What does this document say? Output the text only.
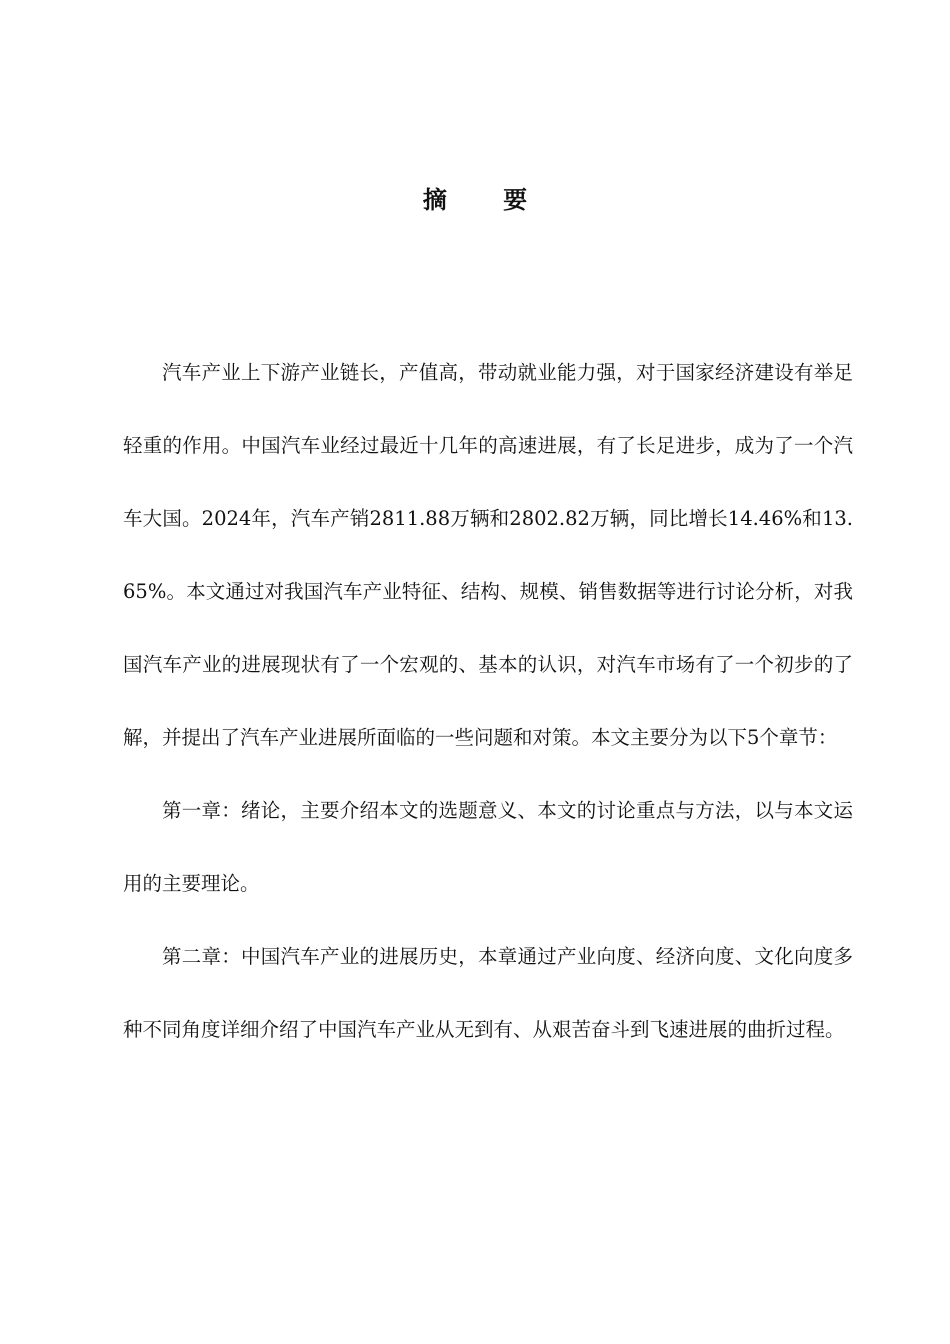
摘 要

汽车产业上下游产业链长，产值高，带动就业能力强，对于国家经济建设有举足轻重的作用。中国汽车业经过最近十几年的高速进展，有了长足进步，成为了一个汽车大国。2024年，汽车产销2811.88万辆和2802.82万辆，同比增长14.46%和13.65%。本文通过对我国汽车产业特征、结构、规模、销售数据等进行讨论分析，对我国汽车产业的进展现状有了一个宏观的、基本的认识，对汽车市场有了一个初步的了解，并提出了汽车产业进展所面临的一些问题和对策。本文主要分为以下5个章节：

第一章：绪论，主要介绍本文的选题意义、本文的讨论重点与方法，以与本文运用的主要理论。

第二章：中国汽车产业的进展历史，本章通过产业向度、经济向度、文化向度多种不同角度详细介绍了中国汽车产业从无到有、从艰苦奋斗到飞速进展的曲折过程。
